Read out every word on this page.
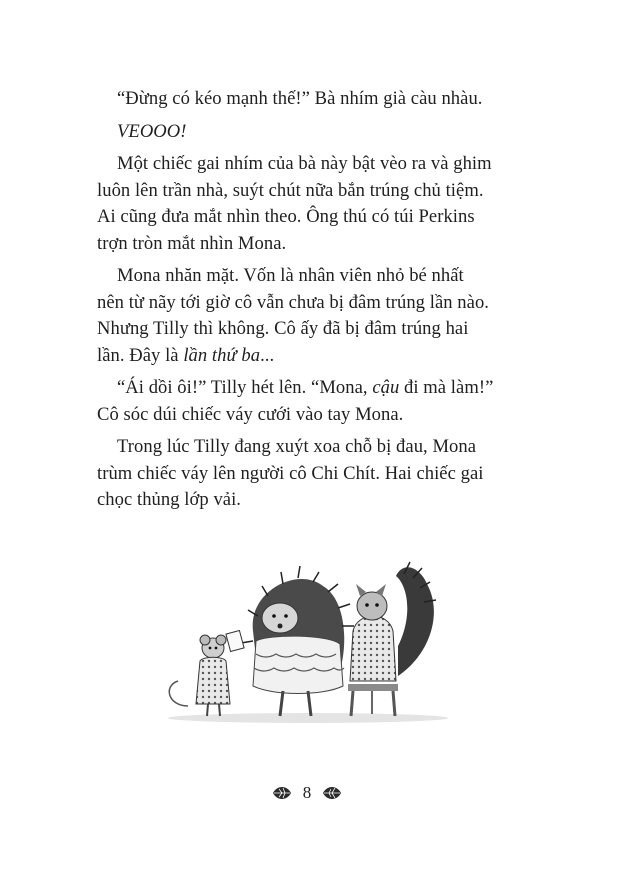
“Đừng có kéo mạnh thế!” Bà nhím già càu nhàu.

VEOOO!

Một chiếc gai nhím của bà này bật vèo ra và ghim
luôn lên trần nhà, suýt chút nữa bắn trúng chủ tiệm.
Ai cũng đưa mắt nhìn theo. Ông thú có túi Perkins
trợn tròn mắt nhìn Mona.

Mona nhăn mặt. Vốn là nhân viên nhỏ bé nhất
nên từ nãy tới giờ cô vẫn chưa bị đâm trúng lần nào.
Nhưng Tilly thì không. Cô ấy đã bị đâm trúng hai
lần. Đây là lần thứ ba...

“Ái dồi ôi!” Tilly hét lên. “Mona, cậu đi mà làm!”
Cô sóc dúi chiếc váy cưới vào tay Mona.

Trong lúc Tilly đang xuýt xoa chỗ bị đau, Mona
trùm chiếc váy lên người cô Chi Chít. Hai chiếc gai
chọc thủng lớp vải.

8
